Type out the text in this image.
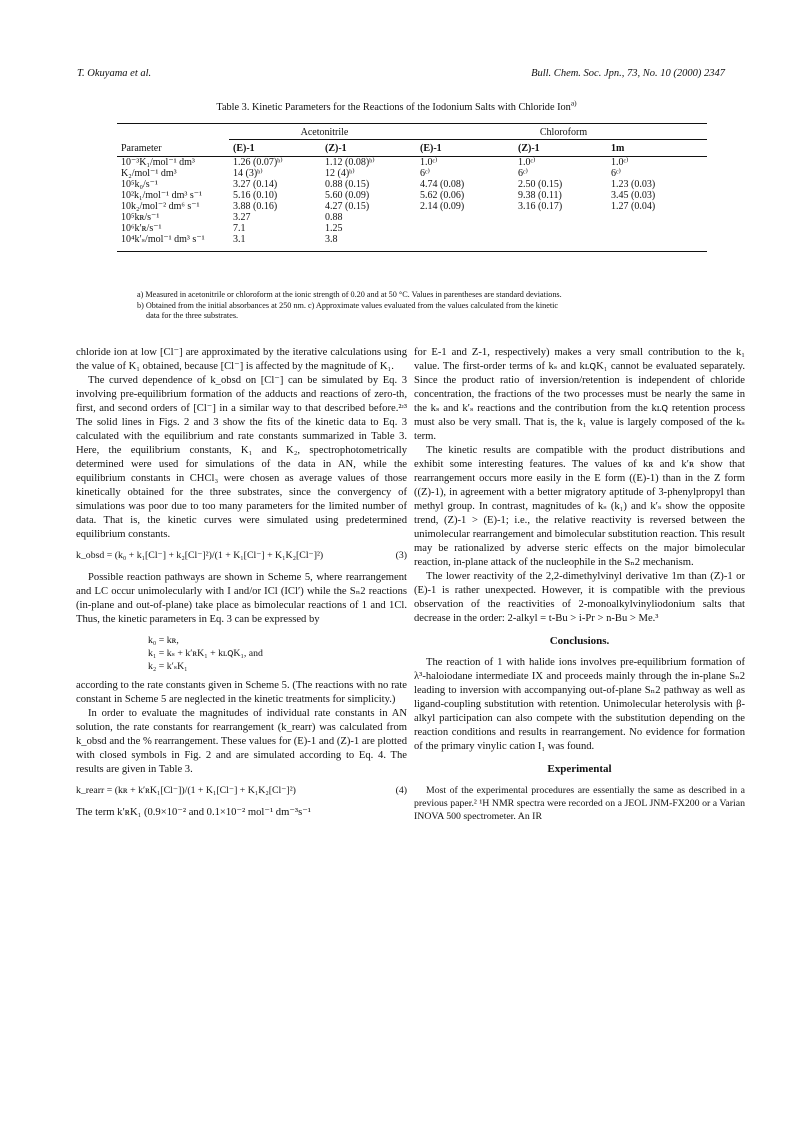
T. Okuyama et al.	Bull. Chem. Soc. Jpn., 73, No. 10 (2000) 2347
Table 3. Kinetic Parameters for the Reactions of the Iodonium Salts with Chloride Ion$^{a)}$

	Acetonitrile		Chloroform		
Parameter	(E)-1	(Z)-1	(E)-1	(Z)-1	1m
10⁻³K₁/mol⁻¹ dm³	1.26 (0.07)ᵇ⁾	1.12 (0.08)ᵇ⁾	1.0ᶜ⁾	1.0ᶜ⁾	1.0ᶜ⁾
K₂/mol⁻¹ dm³	14 (3)ᵇ⁾	12 (4)ᵇ⁾	6ᶜ⁾	6ᶜ⁾	6ᶜ⁾
10⁵k₀/s⁻¹	3.27 (0.14)	0.88 (0.15)	4.74 (0.08)	2.50 (0.15)	1.23 (0.03)
10²k₁/mol⁻¹ dm³ s⁻¹	5.16 (0.10)	5.60 (0.09)	5.62 (0.06)	9.38 (0.11)	3.45 (0.03)
10k₂/mol⁻² dm⁶ s⁻¹	3.88 (0.16)	4.27 (0.15)	2.14 (0.09)	3.16 (0.17)	1.27 (0.04)
10⁵kʀ/s⁻¹	3.27	0.88			
10⁶k′ʀ/s⁻¹	7.1	1.25			
10⁴k′ₛ/mol⁻¹ dm³ s⁻¹	3.1	3.8			

a) Measured in acetonitrile or chloroform at the ionic strength of 0.20 and at 50 °C. Values in parentheses are standard deviations.

b) Obtained from the initial absorbances at 250 nm. c) Approximate values evaluated from the values calculated from the kinetic

data for the three substrates.

chloride ion at low [Cl⁻] are approximated by the iterative calculations using the value of K₁ obtained, because [Cl⁻] is affected by the magnitude of K₁.

The curved dependence of k_obsd on [Cl⁻] can be simulated by Eq. 3 involving pre-equilibrium formation of the adducts and reactions of zero-th, first, and second orders of [Cl⁻] in a similar way to that described before.²ʴ³ The solid lines in Figs. 2 and 3 show the fits of the kinetic data to Eq. 3 calculated with the equilibrium and rate constants summarized in Table 3. Here, the equilibrium constants, K₁ and K₂, spectrophotometrically determined were used for simulations of the data in AN, while the equilibrium constants in CHCl₃ were chosen as average values of those kinetically obtained for the three substrates, since the convergency of simulations was poor due to too many parameters for the limited number of data. That is, the kinetic curves were simulated using predetermined equilibrium constants.

k_obsd = (k₀ + k₁[Cl⁻] + k₂[Cl⁻]²)/(1 + K₁[Cl⁻] + K₁K₂[Cl⁻]²)	(3)

Possible reaction pathways are shown in Scheme 5, where rearrangement and LC occur unimolecularly with I and/or ICl (ICl′) while the Sₙ2 reactions (in-plane and out-of-plane) take place as bimolecular reactions of 1 and 1Cl. Thus, the kinetic parameters in Eq. 3 can be expressed by

k₀ = kʀ,
k₁ = kₛ + k′ʀK₁ + kʟꞯK₁, and
k₂ = k′ₛK₁

according to the rate constants given in Scheme 5. (The reactions with no rate constant in Scheme 5 are neglected in the kinetic treatments for simplicity.)

In order to evaluate the magnitudes of individual rate constants in AN solution, the rate constants for rearrangement (k_rearr) was calculated from k_obsd and the % rearrangement. These values for (E)-1 and (Z)-1 are plotted with closed symbols in Fig. 2 and are simulated according to Eq. 4. The results are given in Table 3.

k_rearr = (kʀ + k′ʀK₁[Cl⁻])/(1 + K₁[Cl⁻] + K₁K₂[Cl⁻]²)	(4)

The term k′ʀK₁ (0.9×10⁻² and 0.1×10⁻² mol⁻¹ dm⁻³s⁻¹

for E-1 and Z-1, respectively) makes a very small contribution to the k₁ value. The first-order terms of kₛ and kʟꞯK₁ cannot be evaluated separately. Since the product ratio of inversion/retention is independent of chloride concentration, the fractions of the two processes must be nearly the same in the kₛ and k′ₛ reactions and the contribution from the kʟꞯ retention process must also be very small. That is, the k₁ value is largely composed of the kₛ term.

The kinetic results are compatible with the product distributions and exhibit some interesting features. The values of kʀ and k′ʀ show that rearrangement occurs more easily in the E form ((E)-1) than in the Z form ((Z)-1), in agreement with a better migratory aptitude of 3-phenylpropyl than methyl group. In contrast, magnitudes of kₛ (k₁) and k′ₛ show the opposite trend, (Z)-1 > (E)-1; i.e., the relative reactivity is reversed between the unimolecular rearrangement and bimolecular substitution reaction. This result may be rationalized by adverse steric effects on the major bimolecular reaction, in-plane attack of the nucleophile in the Sₙ2 mechanism.

The lower reactivity of the 2,2-dimethylvinyl derivative 1m than (Z)-1 or (E)-1 is rather unexpected. However, it is compatible with the previous observation of the reactivities of 2-monoalkylvinyliodonium salts that decrease in the order: 2-alkyl = t-Bu > i-Pr > n-Bu > Me.³

Conclusions.

The reaction of 1 with halide ions involves pre-equilibrium formation of λ³-haloiodane intermediate IX and proceeds mainly through the in-plane Sₙ2 leading to inversion with accompanying out-of-plane Sₙ2 pathway as well as ligand-coupling substitution with retention. Unimolecular heterolysis with β-alkyl participation can also compete with the substitution depending on the reaction conditions and results in rearrangement. No evidence for formation of the primary vinylic cation I₁ was found.

Experimental

Most of the experimental procedures are essentially the same as described in a previous paper.² ¹H NMR spectra were recorded on a JEOL JNM-FX200 or a Varian INOVA 500 spectrometer. An IR
